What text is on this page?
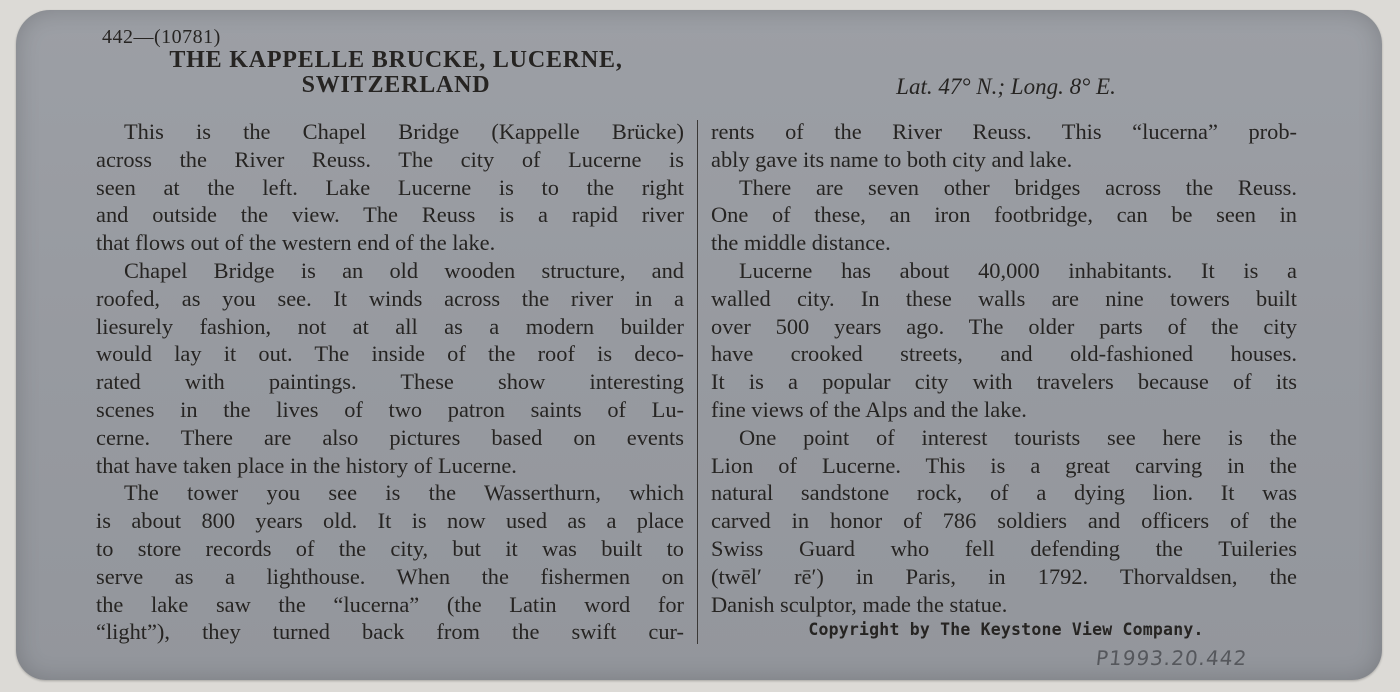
442—(10781)
THE KAPPELLE BRUCKE, LUCERNE,
SWITZERLAND	Lat. 47° N.; Long. 8° E.
This is the Chapel Bridge (Kappelle Brücke)
across the River Reuss. The city of Lucerne is
seen at the left. Lake Lucerne is to the right
and outside the view. The Reuss is a rapid river
that flows out of the western end of the lake.
Chapel Bridge is an old wooden structure, and
roofed, as you see. It winds across the river in a
liesurely fashion, not at all as a modern builder
would lay it out. The inside of the roof is deco-
rated with paintings. These show interesting
scenes in the lives of two patron saints of Lu-
cerne. There are also pictures based on events
that have taken place in the history of Lucerne.
The tower you see is the Wasserthurn, which
is about 800 years old. It is now used as a place
to store records of the city, but it was built to
serve as a lighthouse. When the fishermen on
the lake saw the “lucerna” (the Latin word for
“light”), they turned back from the swift cur-
rents of the River Reuss. This “lucerna” prob-
ably gave its name to both city and lake.
There are seven other bridges across the Reuss.
One of these, an iron footbridge, can be seen in
the middle distance.
Lucerne has about 40,000 inhabitants. It is a
walled city. In these walls are nine towers built
over 500 years ago. The older parts of the city
have crooked streets, and old-fashioned houses.
It is a popular city with travelers because of its
fine views of the Alps and the lake.
One point of interest tourists see here is the
Lion of Lucerne. This is a great carving in the
natural sandstone rock, of a dying lion. It was
carved in honor of 786 soldiers and officers of the
Swiss Guard who fell defending the Tuileries
(twēl′ rē′) in Paris, in 1792. Thorvaldsen, the
Danish sculptor, made the statue.
Copyright by The Keystone View Company.
P1993.20.442
